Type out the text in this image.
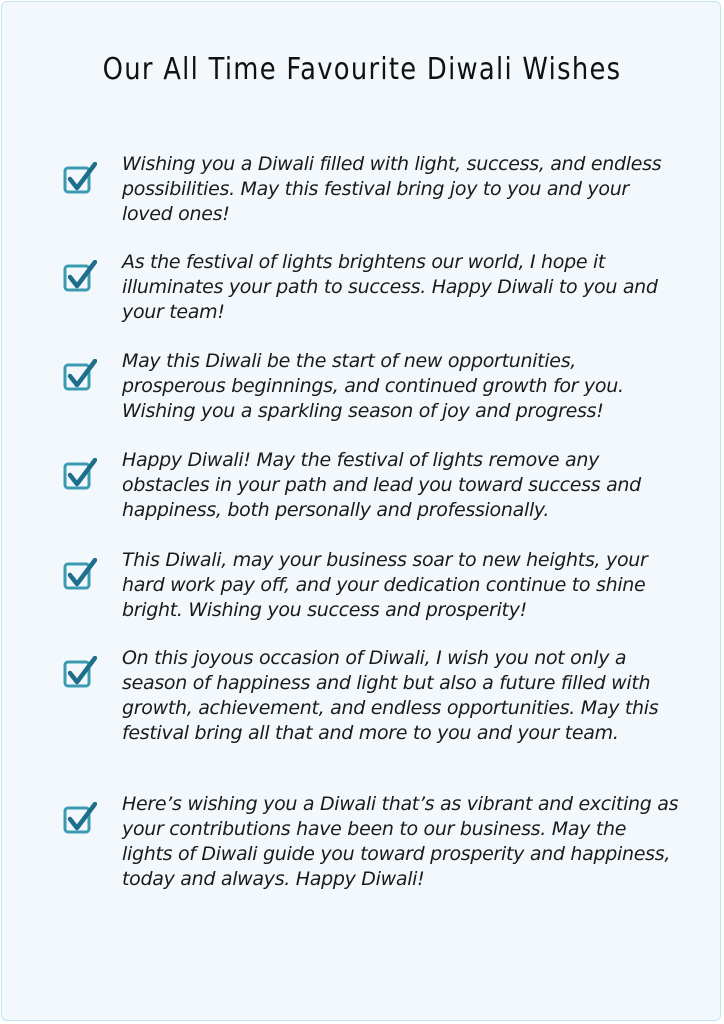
Our All Time Favourite Diwali Wishes
Wishing you a Diwali filled with light, success, and endless possibilities. May this festival bring joy to you and your loved ones!
As the festival of lights brightens our world, I hope it illuminates your path to success. Happy Diwali to you and your team!
May this Diwali be the start of new opportunities, prosperous beginnings, and continued growth for you. Wishing you a sparkling season of joy and progress!
Happy Diwali! May the festival of lights remove any obstacles in your path and lead you toward success and happiness, both personally and professionally.
This Diwali, may your business soar to new heights, your hard work pay off, and your dedication continue to shine bright. Wishing you success and prosperity!
On this joyous occasion of Diwali, I wish you not only a season of happiness and light but also a future filled with growth, achievement, and endless opportunities. May this festival bring all that and more to you and your team.
Here’s wishing you a Diwali that’s as vibrant and exciting as your contributions have been to our business. May the lights of Diwali guide you toward prosperity and happiness, today and always. Happy Diwali!
